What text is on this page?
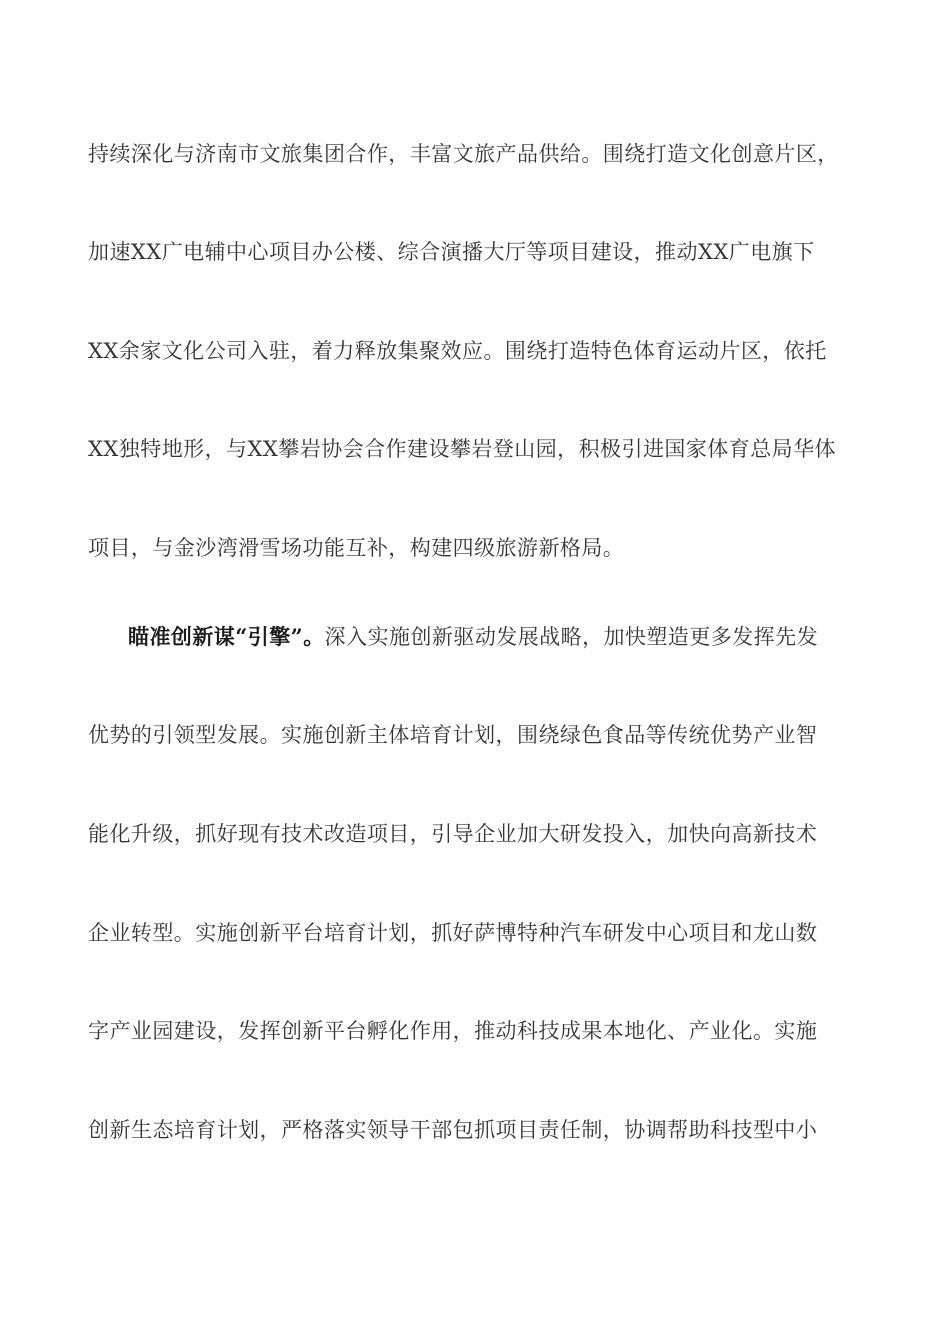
持续深化与济南市文旅集团合作，丰富文旅产品供给。围绕打造文化创意片区，
加速XX广电辅中心项目办公楼、综合演播大厅等项目建设，推动XX广电旗下
XX余家文化公司入驻，着力释放集聚效应。围绕打造特色体育运动片区，依托
XX独特地形，与XX攀岩协会合作建设攀岩登山园，积极引进国家体育总局华体
项目，与金沙湾滑雪场功能互补，构建四级旅游新格局。
瞄准创新谋“引擎”。深入实施创新驱动发展战略，加快塑造更多发挥先发
优势的引领型发展。实施创新主体培育计划，围绕绿色食品等传统优势产业智
能化升级，抓好现有技术改造项目，引导企业加大研发投入，加快向高新技术
企业转型。实施创新平台培育计划，抓好萨博特种汽车研发中心项目和龙山数
字产业园建设，发挥创新平台孵化作用，推动科技成果本地化、产业化。实施
创新生态培育计划，严格落实领导干部包抓项目责任制，协调帮助科技型中小
